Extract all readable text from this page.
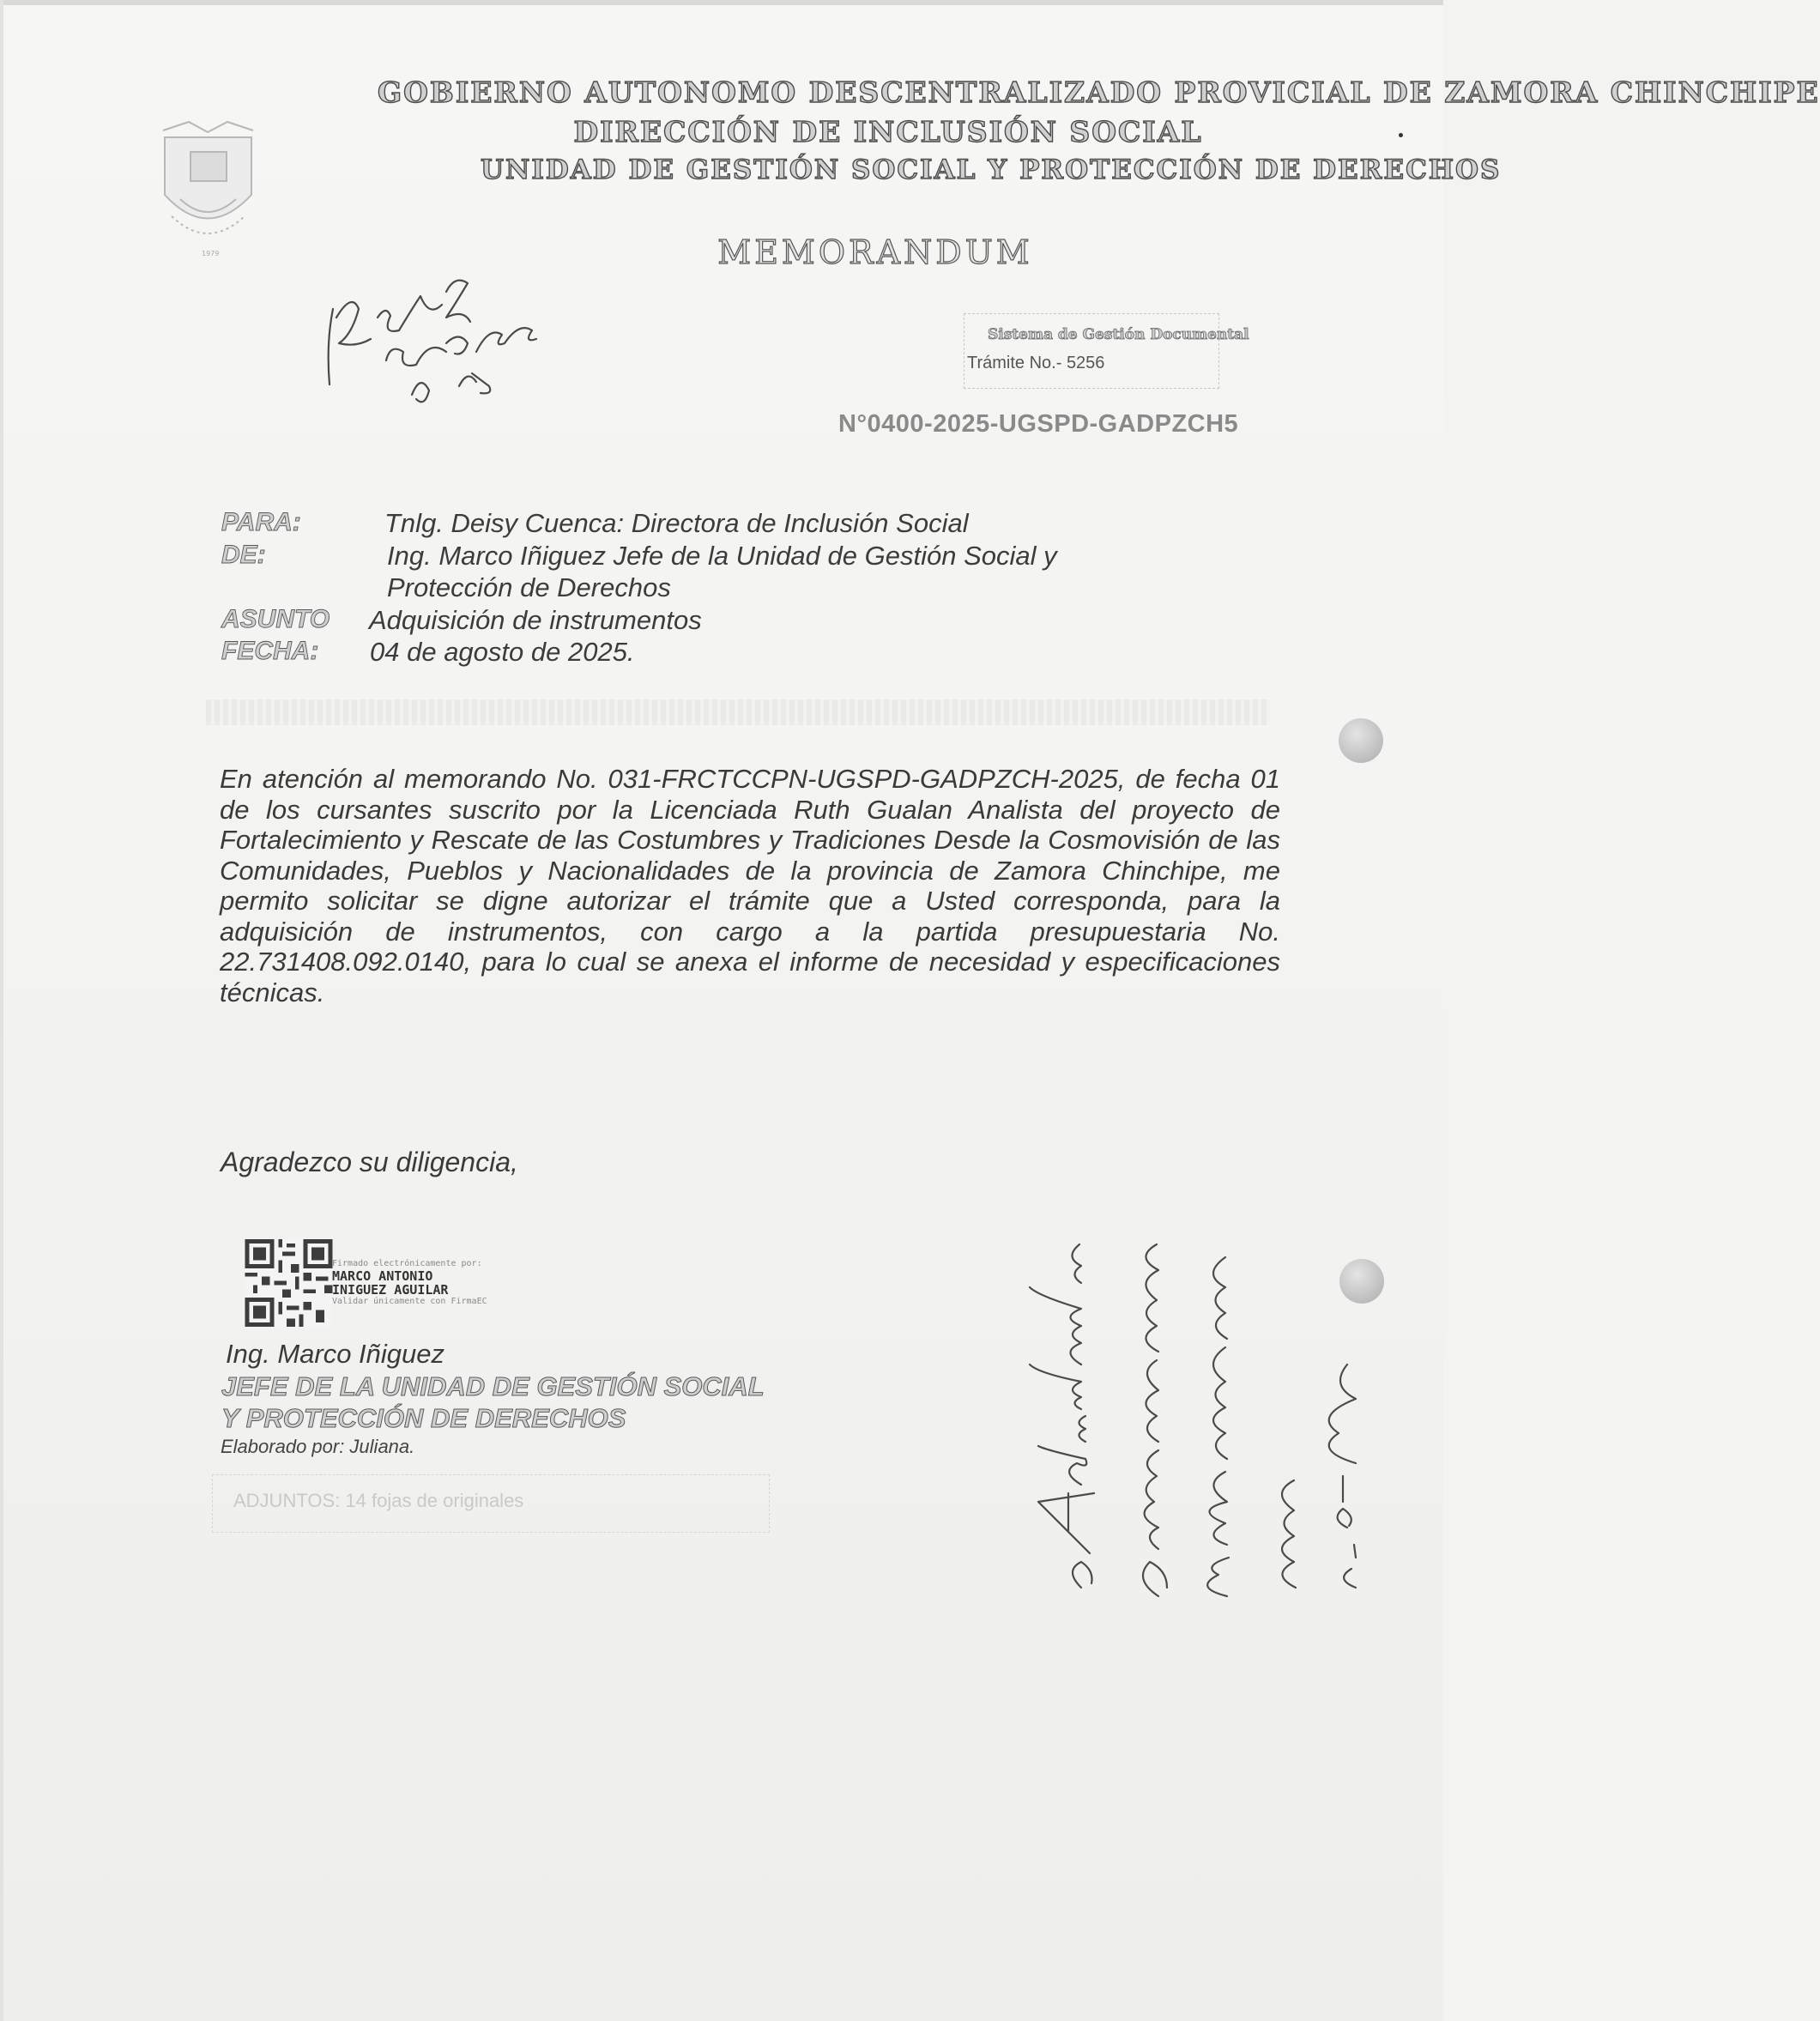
1979
GOBIERNO AUTONOMO DESCENTRALIZADO PROVICIAL DE ZAMORA CHINCHIPE
DIRECCIÓN DE INCLUSIÓN SOCIAL
UNIDAD DE GESTIÓN SOCIAL Y PROTECCIÓN DE DERECHOS
MEMORANDUM
Sistema de Gestión Documental
Trámite No.- 5256
N°0400-2025-UGSPD-GADPZCH5
PARA:	Tnlg. Deisy Cuenca: Directora de Inclusión Social
DE:	Ing. Marco Iñiguez Jefe de la Unidad de Gestión Social y
Protección de Derechos
ASUNTO Adquisición de instrumentos
FECHA: 04 de agosto de 2025.
En atención al memorando No. 031-FRCTCCPN-UGSPD-GADPZCH-2025, de fecha 01 de los cursantes suscrito por la Licenciada Ruth Gualan Analista del proyecto de Fortalecimiento y Rescate de las Costumbres y Tradiciones Desde la Cosmovisión de las Comunidades, Pueblos y Nacionalidades de la provincia de Zamora Chinchipe, me permito solicitar se digne autorizar el trámite que a Usted corresponda, para la adquisición de instrumentos, con cargo a la partida presupuestaria No. 22.731408.092.0140, para lo cual se anexa el informe de necesidad y especificaciones técnicas.
Agradezco su diligencia,
Firmado electrónicamente por:
MARCO ANTONIO
INIGUEZ AGUILAR
Validar únicamente con FirmaEC
Ing. Marco Iñiguez
JEFE DE LA UNIDAD DE GESTIÓN SOCIAL
Y PROTECCIÓN DE DERECHOS
Elaborado por: Juliana.
ADJUNTOS: 14 fojas de originales
